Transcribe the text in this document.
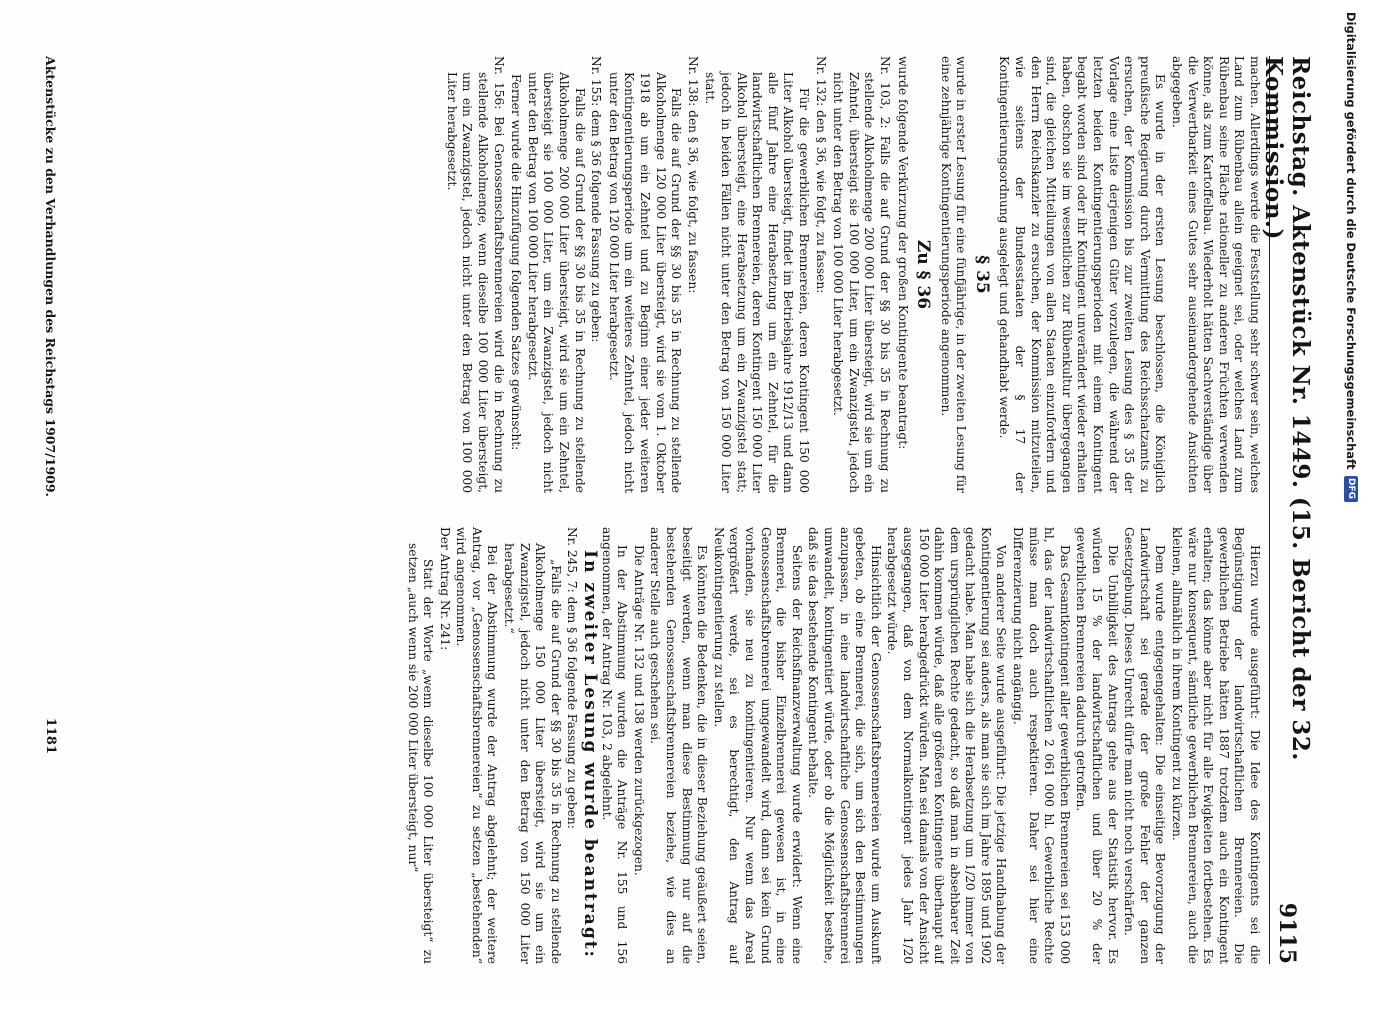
Reichstag. Aktenstück Nr. 1449. (15. Bericht der 32. Kommission.)
9115

machen. Allerdings werde die Feststellung sehr schwer sein, welches Land zum Rübenbau allein geeignet sei, oder welches Land zum Rübenbau seine Fläche rationeller zu anderen Früchten verwenden könne, als zum Kartoffelbau. Wiederholt hätten Sachverständige über die Verwertbarkeit eines Gutes sehr auseinandergehende Ansichten abgegeben.

Es wurde in der ersten Lesung beschlossen, die Königlich preußische Regierung durch Vermittlung des Reichsschatzamts zu ersuchen, der Kommission bis zur zweiten Lesung des § 35 der Vorlage eine Liste derjenigen Güter vorzulegen, die während der letzten beiden Kontingentierungsperioden mit einem Kontingent begabt worden sind oder ihr Kontingent unverändert wieder erhalten haben, obschon sie im wesentlichen zur Rübenkultur übergegangen sind, die gleichen Mitteilungen von allen Staaten einzufordern und den Herrn Reichskanzler zu ersuchen, der Kommission mitzuteilen, wie seitens der Bundesstaaten der § 17 der Kontingentierungsordnung ausgelegt und gehandhabt werde.

§ 35

wurde in erster Lesung für eine fünfjährige, in der zweiten Lesung für eine zehnjährige Kontingentierungsperiode angenommen.

Zu § 36

wurde folgende Verkürzung der großen Kontingente beantragt:

Nr. 103, 2: Falls die auf Grund der §§ 30 bis 35 in Rechnung zu stellende Alkoholmenge 200 000 Liter übersteigt, wird sie um ein Zehntel, übersteigt sie 100 000 Liter, um ein Zwanzigstel, jedoch nicht unter den Betrag von 100 000 Liter herabgesetzt.

Nr. 132: den § 36, wie folgt, zu fassen:

Für die gewerblichen Brennereien, deren Kontingent 150 000 Liter Alkohol übersteigt, findet im Betriebsjahre 1912/13 und dann alle fünf Jahre eine Herabsetzung um ein Zehntel, für die landwirtschaftlichen Brennereien, deren Kontingent 150 000 Liter Alkohol übersteigt, eine Herabsetzung um ein Zwanzigstel statt; jedoch in beiden Fällen nicht unter den Betrag von 150 000 Liter statt.

Nr. 138: den § 36, wie folgt, zu fassen:

Falls die auf Grund der §§ 30 bis 35 in Rechnung zu stellende Alkoholmenge 120 000 Liter übersteigt, wird sie vom 1. Oktober 1918 ab um ein Zehntel und zu Beginn einer jeder weiteren Kontingentierungsperiode um ein weiteres Zehntel, jedoch nicht unter den Betrag von 120 000 Liter herabgesetzt.

Nr. 155: dem § 36 folgende Fassung zu geben:

Falls die auf Grund der §§ 30 bis 35 in Rechnung zu stellende Alkoholmenge 200 000 Liter übersteigt, wird sie um ein Zehntel, übersteigt sie 100 000 Liter, um ein Zwanzigstel, jedoch nicht unter den Betrag von 100 000 Liter herabgesetzt.

Ferner wurde die Hinzufügung folgenden Satzes gewünscht:

Nr. 156: Bei Genossenschaftsbrennereien wird die in Rechnung zu stellende Alkoholmenge, wenn dieselbe 100 000 Liter übersteigt, um ein Zwanzigstel, jedoch nicht unter den Betrag von 100 000 Liter herabgesetzt.

Hierzu wurde ausgeführt: Die Idee des Kontingents sei die Begünstigung der landwirtschaftlichen Brennereien. Die gewerblichen Betriebe hätten 1887 trotzdem auch ein Kontingent erhalten; das könne aber nicht für alle Ewigkeiten fortbestehen. Es wäre nur konsequent, sämtliche gewerblichen Brennereien, auch die kleinen, allmählich in ihrem Kontingent zu kürzen.

Dem wurde entgegengehalten: Die einseitige Bevorzugung der Landwirtschaft sei gerade der große Fehler der ganzen Gesetzgebung. Dieses Unrecht dürfe man nicht noch verschärfen.

Die Unbilligkeit des Antrags gehe aus der Statistik hervor. Es würden 15 % der landwirtschaftlichen und über 20 % der gewerblichen Brennereien dadurch getroffen.

Das Gesamtkontingent aller gewerblichen Brennereien sei 153 000 hl, das der landwirtschaftlichen 2 061 000 hl. Gewerbliche Rechte müsse man doch auch respektieren. Daher sei hier eine Differenzierung nicht angängig.

Von anderer Seite wurde ausgeführt: Die jetzige Handhabung der Kontingentierung sei anders, als man sie sich im Jahre 1895 und 1902 gedacht habe. Man habe sich die Herabsetzung um 1/20 immer von dem ursprünglichen Rechte gedacht, so daß man in absehbarer Zeit dahin kommen würde, daß alle größeren Kontingente überhaupt auf 150 000 Liter herabgedrückt würden. Man sei damals von der Ansicht ausgegangen, daß von dem Normalkontingent jedes Jahr 1/20 herabgesetzt würde.

Hinsichtlich der Genossenschaftsbrennereien wurde um Auskunft gebeten, ob eine Brennerei, die sich, um sich den Bestimmungen anzupassen, in eine landwirtschaftliche Genossenschaftsbrennerei umwandelt, kontingentiert würde, oder ob die Möglichkeit bestehe, daß sie das bestehende Kontingent behalte.

Seitens der Reichsfinanzverwaltung wurde erwidert: Wenn eine Brennerei, die bisher Einzelbrennerei gewesen ist, in eine Genossenschaftsbrennerei umgewandelt wird, dann sei kein Grund vorhanden, sie neu zu kontingentieren. Nur wenn das Areal vergrößert werde, sei es berechtigt, den Antrag auf Neukontingentierung zu stellen.

Es könnten die Bedenken, die in dieser Beziehung geäußert seien, beseitigt werden, wenn man diese Bestimmung nur auf die bestehenden Genossenschaftsbrennereien beziehe, wie dies an anderer Stelle auch geschehen sei.

Die Anträge Nr. 132 und 138 werden zurückgezogen.

In der Abstimmung wurden die Anträge Nr. 155 und 156 angenommen, der Antrag Nr. 103, 2 abgelehnt.

In zweiter Lesung wurde beantragt:

Nr. 245, 7: dem § 36 folgende Fassung zu geben:

„Falls die auf Grund der §§ 30 bis 35 in Rechnung zu stellende Alkoholmenge 150 000 Liter übersteigt, wird sie um ein Zwanzigstel, jedoch nicht unter den Betrag von 150 000 Liter herabgesetzt.“

Bei der Abstimmung wurde der Antrag abgelehnt; der weitere Antrag, vor „Genossenschaftsbrennereien“ zu setzen „bestehenden“ wird angenommen.

Der Antrag Nr. 241:

Statt der Worte „wenn dieselbe 100 000 Liter übersteigt“ zu setzen „auch wenn sie 200 000 Liter übersteigt, nur“

Aktenstücke zu den Verhandlungen des Reichstags 1907/1909.
1181
Digitalisierung gefördert durch die Deutsche Forschungsgemeinschaft
DFG
